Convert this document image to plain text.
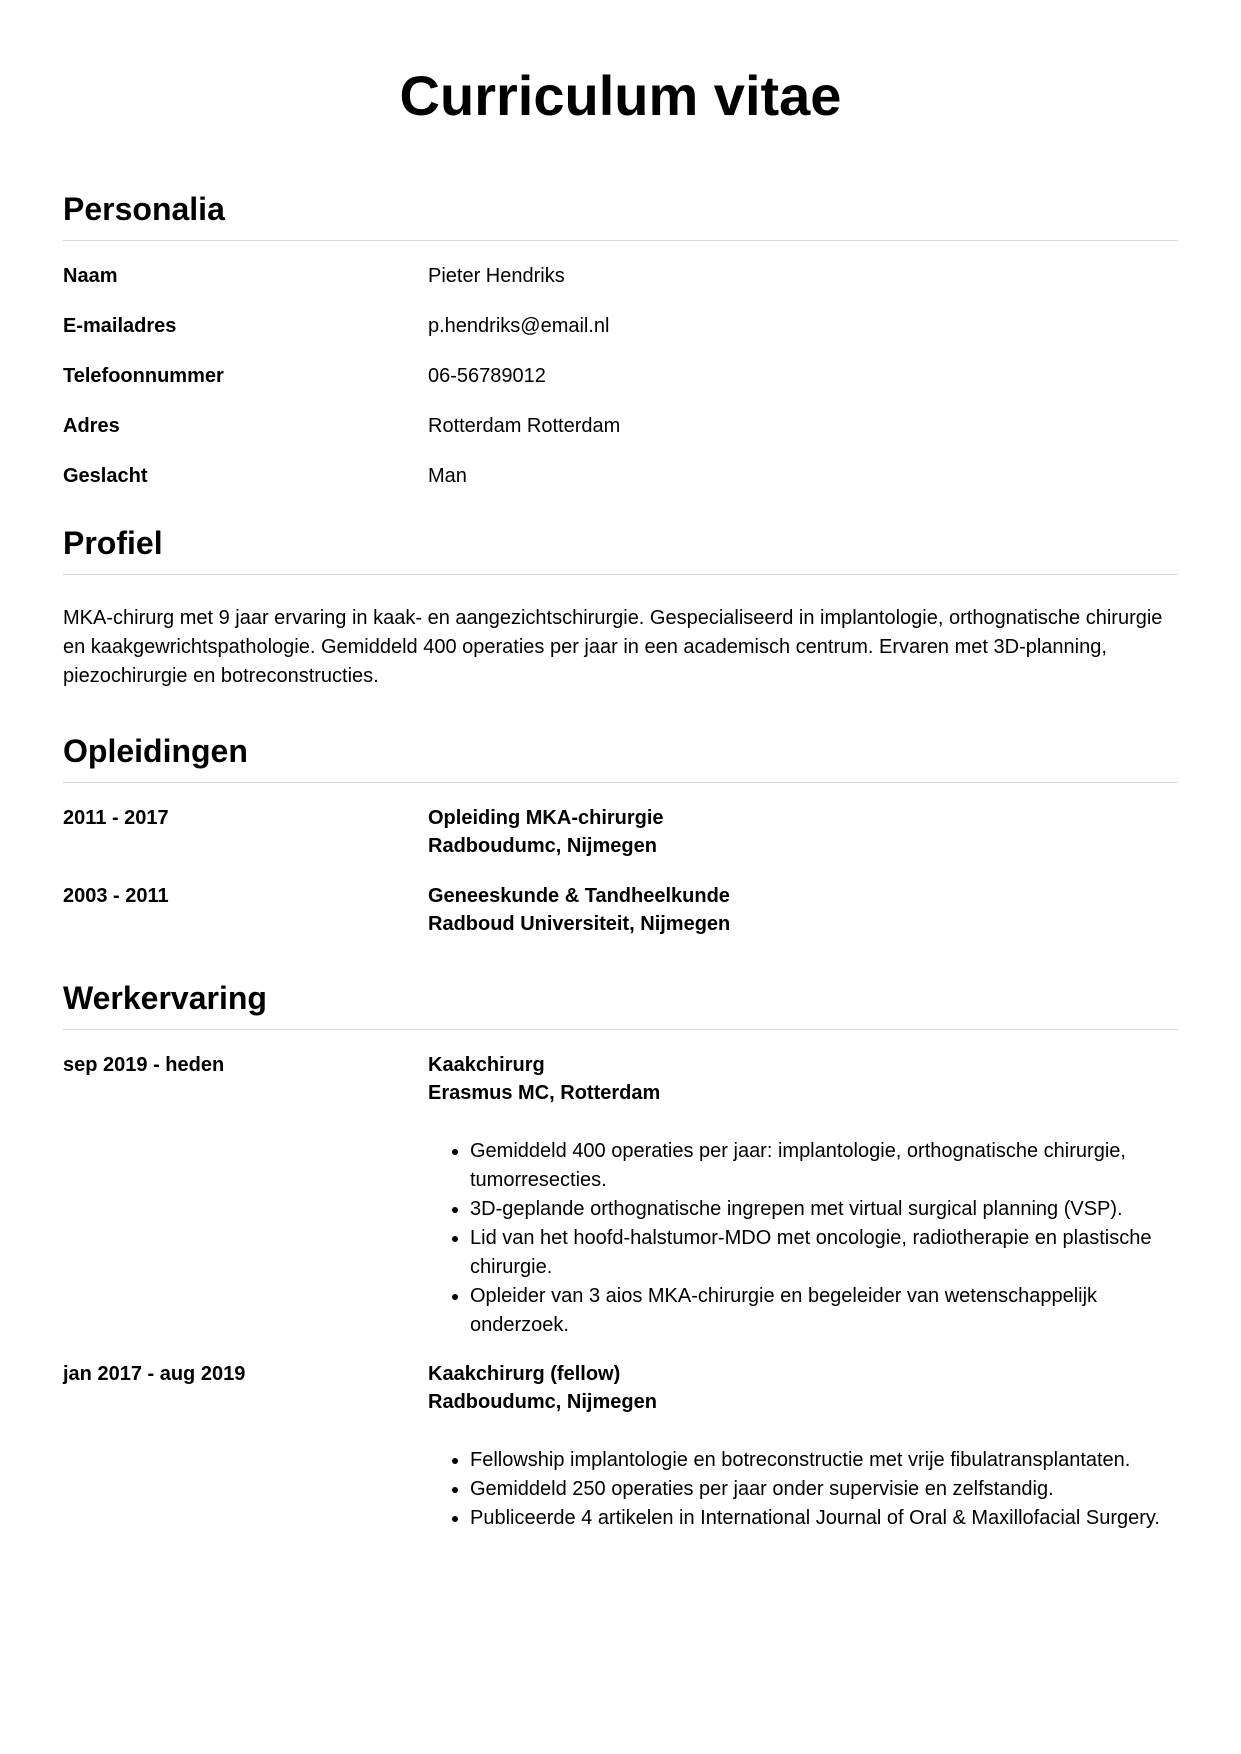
Curriculum vitae
Personalia
Naam	Pieter Hendriks
E-mailadres	p.hendriks@email.nl
Telefoonnummer	06-56789012
Adres	Rotterdam Rotterdam
Geslacht	Man
Profiel

MKA-chirurg met 9 jaar ervaring in kaak- en aangezichtschirurgie. Gespecialiseerd in implantologie, orthognatische chirurgie en kaakgewrichtspathologie. Gemiddeld 400 operaties per jaar in een academisch centrum. Ervaren met 3D-planning, piezochirurgie en botreconstructies.

Opleidingen
2011 - 2017	Opleiding MKA-chirurgie
Radboudumc, Nijmegen
2003 - 2011	Geneeskunde & Tandheelkunde
Radboud Universiteit, Nijmegen
Werkervaring
sep 2019 - heden	Kaakchirurg
Erasmus MC, Rotterdam
• Gemiddeld 400 operaties per jaar: implantologie, orthognatische chirurgie, tumorresecties.
• 3D-geplande orthognatische ingrepen met virtual surgical planning (VSP).
• Lid van het hoofd-halstumor-MDO met oncologie, radiotherapie en plastische chirurgie.
• Opleider van 3 aios MKA-chirurgie en begeleider van wetenschappelijk onderzoek.
jan 2017 - aug 2019	Kaakchirurg (fellow)
Radboudumc, Nijmegen
• Fellowship implantologie en botreconstructie met vrije fibulatransplantaten.
• Gemiddeld 250 operaties per jaar onder supervisie en zelfstandig.
• Publiceerde 4 artikelen in International Journal of Oral & Maxillofacial Surgery.
